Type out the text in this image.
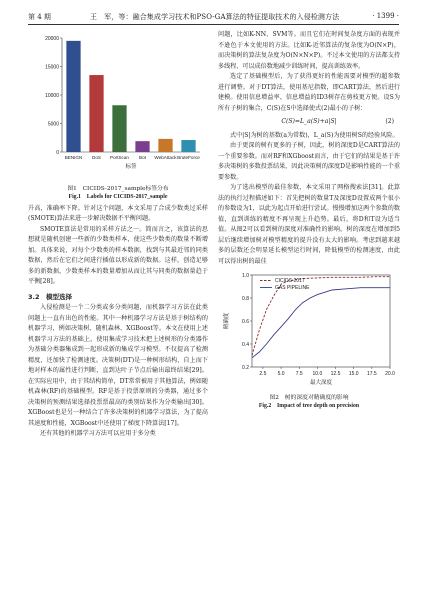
第 4 期	王　军，等：融合集成学习技术和PSO-GA算法的特征提取技术的入侵检测方法	· 1399 ·
0
5000
10000
15000
20000
BENIGN DoS PortScan Bot WebAttack BruteForce
标签
图1　CICIDS-2017_sample标签分布
Fig.1　Labels for CICIDS-2017_sample

升高，准确率下降。针对这个问题，本文采用了合成少数类过采样(SMOTE)算法来进一步解决数据不平衡问题。

SMOTE算法是常用的采样方法之一。简而言之，该算法的思想就是随机创建一些新的少数类样本，使这些少数类的数量不断增加。具体来说，对每个少数类的样本数据，找到与其最近邻的同类数据，然后在它们之间进行插值以形成新的数据。这样，创造足够多的新数据，少数类样本的数量增加从而让其与同类的数据量趋于平衡[28]。

3.2　模型选择

入侵检测是一个二分类或多分类问题，而机器学习方法在此类问题上一直有出色的性能。其中一种机器学习方法是基于树结构的机器学习，例如决策树、随机森林、XGBoost等。本文在使用上述机器学习方法的基础上，使用集成学习技术把上述树形的分类器作为基础分类器集成到一起形成新的集成学习模型。不仅提高了检测精度，还加快了检测速度。决策树(DT)是一种树形结构，自上而下地对样本的属性进行判断，直到达叶子节点后输出最终结果[29]。在实际应用中，由于其结构简单，DT常常被用于其他算法，例如随机森林(RF)的基础模型。RF是基于投票原则的分类器，通过多个决策树的预测结果选择投票票最高的类别结果作为分类输出[30]。XGBoost也是另一种结合了许多决策树的机器学习算法，为了提高其速度和性能，XGBoost中还使用了梯度下降算法[17]。

还有其他的机器学习方法可以应用于多分类

问题，比如K-NN、SVM等。而且它们在时间复杂度方面的表现并不逊色于本文使用的方法。比如K-近邻算法的复杂度为O(N×P)，而决策树的算法复杂度为O(N×N×P)。不过本文使用的方法都支持多线程，可以成倍数地减少训练时间，提高训练效率。

选定了基础模型后，为了获得更好的性能需要对模型的超参数进行调整。对于DT算法，使用基尼指数，即CART算法，然后进行建模。使用信息增益率、信息增益的ID3树存在剪枝更方便。设S为所有子树的集合，C(S)在S中选择使式(2)最小的子树：

C(S)=L_a(S)+a|S|	(2)

式中|S|为树的基数(a为常数)，L_a(S)为使用树S的经验风险。

由于更深的树有更多的子树，因此，树的深度D是CART算法的一个重要参数。而对RF和XGboost而言，由于它们的结果是基于许多决策树的多数投票结果，因此决策树的深度D是影响性能的一个重要参数。

为了选出模型的最佳参数，本文采用了网格搜索法[31]。此算法的执行过程描述如下：首先把树的数量T及深度D设置成两个很小的参数设为1，以此为起点开始进行尝试。慢慢增加这两个参数的数值，直到训练的精度不再呈现上升趋势。最后，将D和T设为适当值。从图2可以看到树的深度对准确性的影响。树的深度在增加到5层后继续增加树对模型精度的提升没有太大的影响。考虑到越来越多的层数还会明显延长模型运行时间，降低模型的检测速度，由此可以得出树的最佳

0.2
0.4
0.6
0.8
1.0
2.5 5.0 7.5 10.0 12.5 15.0 17.5 20.0
CICIDS-2017
GAS PIPELINE
最大深度
精确度
图2　树的深度对精确度的影响
Fig.2　Impact of tree depth on precision
